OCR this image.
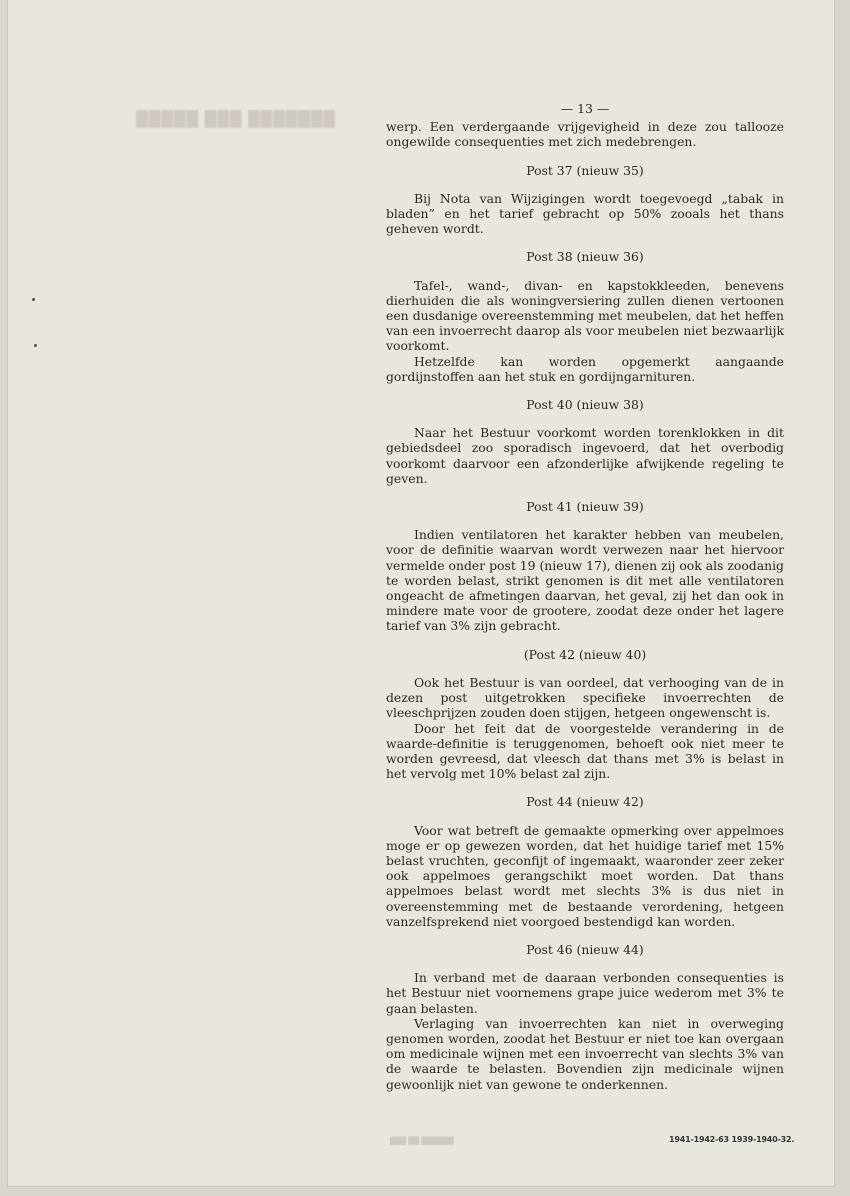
█████ ███ ███████
— 13 —
werp. Een verdergaande vrijgevigheid in deze zou tallooze ongewilde consequenties met zich medebrengen.
Post 37 (nieuw 35)
Bij Nota van Wijzigingen wordt toegevoegd „tabak in bladen” en het tarief gebracht op 50% zooals het thans geheven wordt.
Post 38 (nieuw 36)
Tafel-, wand-, divan- en kapstokkleeden, benevens dierhuiden die als woningversiering zullen dienen vertoonen een dusdanige overeenstemming met meubelen, dat het heffen van een invoerrecht daarop als voor meubelen niet bezwaarlijk voorkomt.
Hetzelfde kan worden opgemerkt aangaande gordijnstoffen aan het stuk en gordijngarnituren.
Post 40 (nieuw 38)
Naar het Bestuur voorkomt worden torenklokken in dit gebiedsdeel zoo sporadisch ingevoerd, dat het overbodig voorkomt daarvoor een afzonderlijke afwijkende regeling te geven.
Post 41 (nieuw 39)
Indien ventilatoren het karakter hebben van meubelen, voor de definitie waarvan wordt verwezen naar het hiervoor vermelde onder post 19 (nieuw 17), dienen zij ook als zoodanig te worden belast, strikt genomen is dit met alle ventilatoren ongeacht de afmetingen daarvan, het geval, zij het dan ook in mindere mate voor de grootere, zoodat deze onder het lagere tarief van 3% zijn gebracht.
(Post 42 (nieuw 40)
Ook het Bestuur is van oordeel, dat verhooging van de in dezen post uitgetrokken specifieke invoerrechten de vleeschprijzen zouden doen stijgen, hetgeen ongewenscht is.
Door het feit dat de voorgestelde verandering in de waarde-definitie is teruggenomen, behoeft ook niet meer te worden gevreesd, dat vleesch dat thans met 3% is belast in het vervolg met 10% belast zal zijn.
Post 44 (nieuw 42)
Voor wat betreft de gemaakte opmerking over appelmoes moge er op gewezen worden, dat het huidige tarief met 15% belast vruchten, geconfijt of ingemaakt, waaronder zeer zeker ook appelmoes gerangschikt moet worden. Dat thans appelmoes belast wordt met slechts 3% is dus niet in overeenstemming met de bestaande verordening, hetgeen vanzelfsprekend niet voorgoed bestendigd kan worden.
Post 46 (nieuw 44)
In verband met de daaraan verbonden consequenties is het Bestuur niet voornemens grape juice wederom met 3% te gaan belasten.
Verlaging van invoerrechten kan niet in overweging genomen worden, zoodat het Bestuur er niet toe kan overgaan om medicinale wijnen met een invoerrecht van slechts 3% van de waarde te belasten. Bovendien zijn medicinale wijnen gewoonlijk niet van gewone te onderkennen.
1941-1942-63 1939-1940-32.
███ ██ ██████
